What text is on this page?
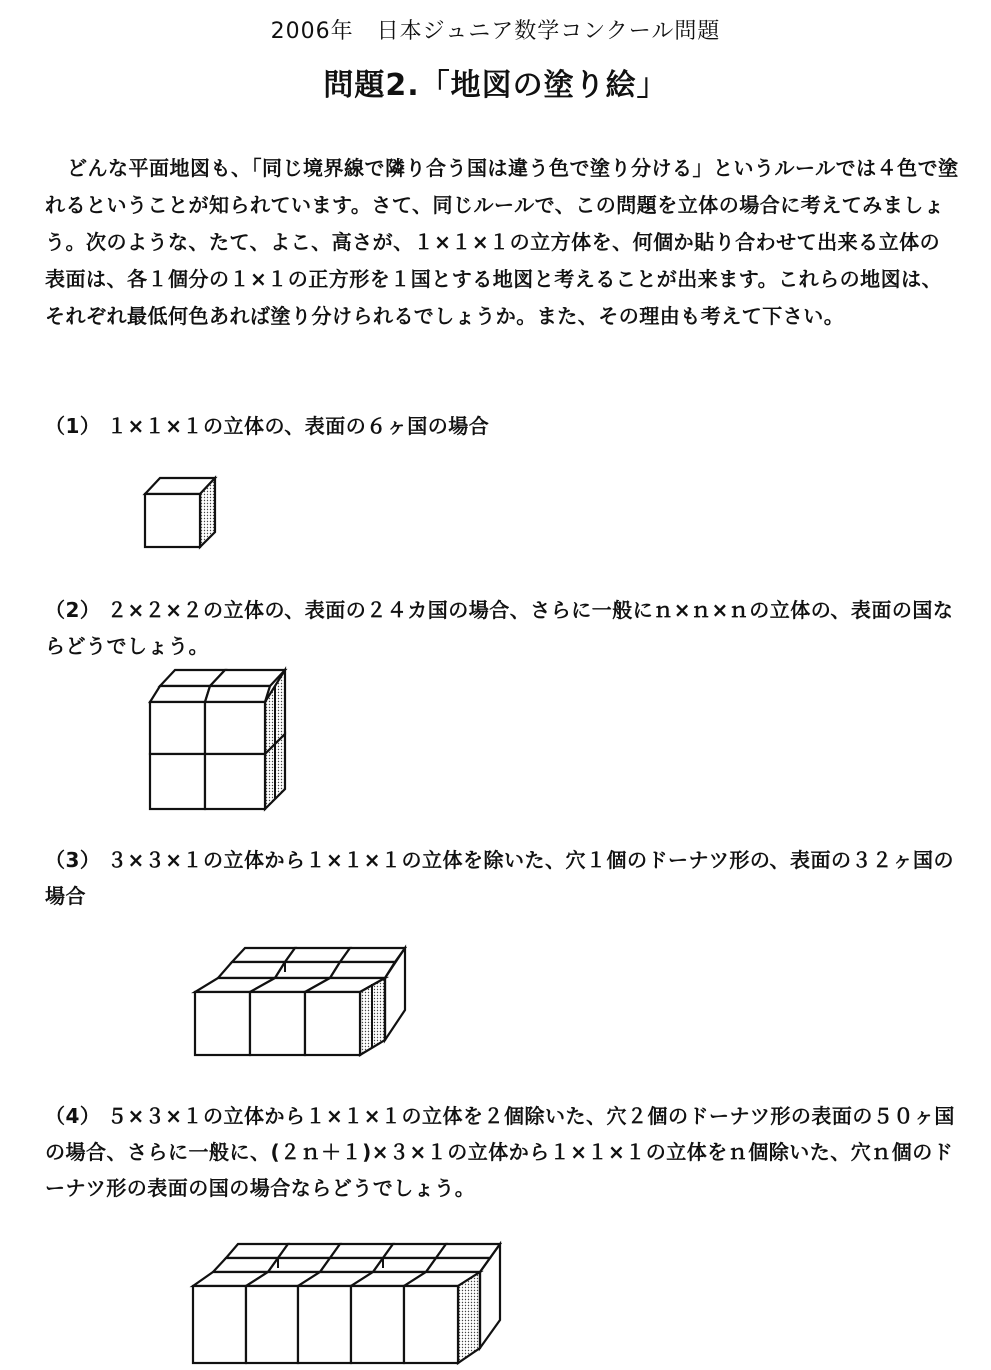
2006年　日本ジュニア数学コンクール問題
問題2.「地図の塗り絵」
どんな平面地図も、「同じ境界線で隣り合う国は違う色で塗り分ける」というルールでは４色で塗れるということが知られています。さて、同じルールで、この問題を立体の場合に考えてみましょう。次のような、たて、よこ、高さが、１×１×１の立方体を、何個か貼り合わせて出来る立体の表面は、各１個分の１×１の正方形を１国とする地図と考えることが出来ます。これらの地図は、それぞれ最低何色あれば塗り分けられるでしょうか。また、その理由も考えて下さい。
（1） １×１×１の立体の、表面の６ヶ国の場合
（2） ２×２×２の立体の、表面の２４カ国の場合、さらに一般にｎ×ｎ×ｎの立体の、表面の国ならどうでしょう。
（3） ３×３×１の立体から１×１×１の立体を除いた、穴１個のドーナツ形の、表面の３２ヶ国の場合
（4） ５×３×１の立体から１×１×１の立体を２個除いた、穴２個のドーナツ形の表面の５０ヶ国の場合、さらに一般に、(２ｎ＋１)×３×１の立体から１×１×１の立体をｎ個除いた、穴ｎ個のドーナツ形の表面の国の場合ならどうでしょう。
